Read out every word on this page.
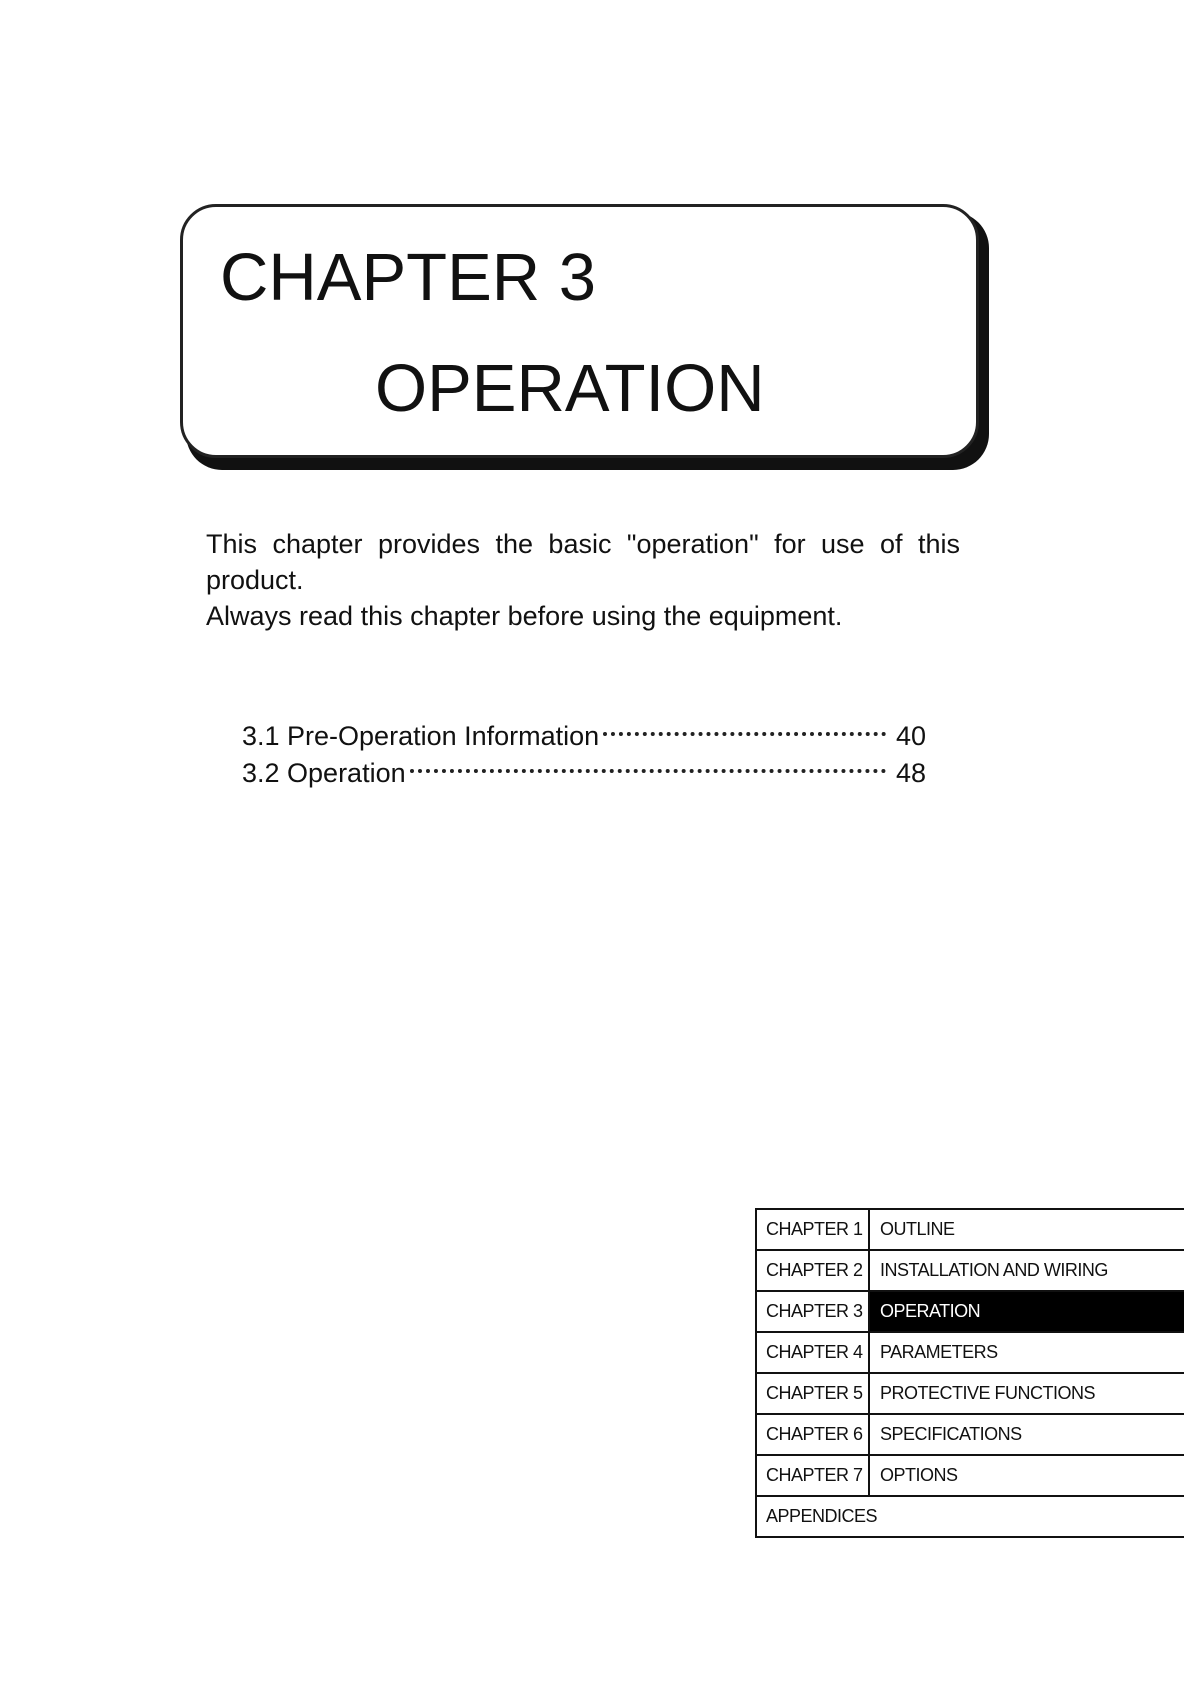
CHAPTER 3
OPERATION

This chapter provides the basic "operation" for use of this product.

Always read this chapter before using the equipment.

3.1 Pre-Operation Information	40
3.2 Operation	48
CHAPTER 1 OUTLINE
CHAPTER 2 INSTALLATION AND WIRING
CHAPTER 3 OPERATION
CHAPTER 4 PARAMETERS
CHAPTER 5 PROTECTIVE FUNCTIONS
CHAPTER 6 SPECIFICATIONS
CHAPTER 7 OPTIONS
APPENDICES
